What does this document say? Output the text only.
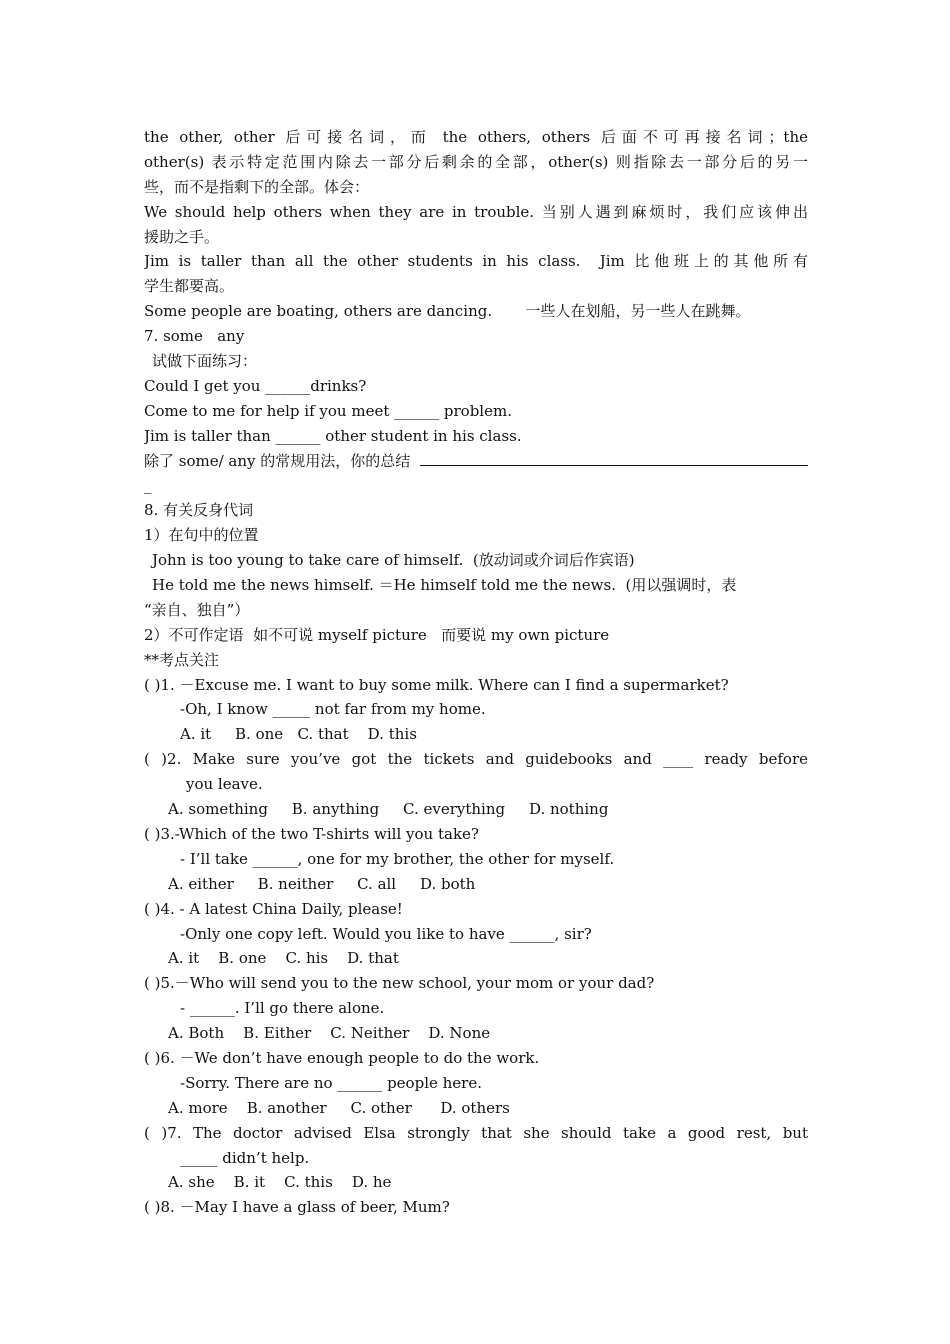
the other, other 后可接名词，而 the others, others 后面不可再接名词；the
other(s) 表示特定范围内除去一部分后剩余的全部，other(s) 则指除去一部分后的另一
些，而不是指剩下的全部。体会：
We should help others when they are in trouble. 当别人遇到麻烦时，我们应该伸出
援助之手。
Jim is taller than all the other students in his class.  Jim 比他班上的其他所有
学生都要高。
Some people are boating, others are dancing.       一些人在划船，另一些人在跳舞。
7. some   any
试做下面练习：
Could I get you ______drinks?
Come to me for help if you meet ______ problem.
Jim is taller than ______ other student in his class.
除了 some/ any 的常规用法，你的总结
_
8. 有关反身代词
1）在句中的位置
John is too young to take care of himself.  (放动词或介词后作宾语)
He told me the news himself. ＝He himself told me the news.  (用以强调时，表
“亲自、独自”）
2）不可作定语  如不可说 myself picture   而要说 my own picture
**考点关注
( )1. －Excuse me. I want to buy some milk. Where can I find a supermarket?
-Oh, I know _____ not far from my home.
A. it     B. one   C. that    D. this
( )2. Make sure you’ve got the tickets and guidebooks and ____ ready before
you leave.
A. something     B. anything     C. everything     D. nothing
( )3.-Which of the two T-shirts will you take?
- I’ll take ______, one for my brother, the other for myself.
A. either     B. neither     C. all     D. both
( )4. - A latest China Daily, please!
-Only one copy left. Would you like to have ______, sir?
A. it    B. one    C. his    D. that
( )5.－Who will send you to the new school, your mom or your dad?
- ______. I’ll go there alone.
A. Both    B. Either    C. Neither    D. None
( )6. －We don’t have enough people to do the work.
-Sorry. There are no ______ people here.
A. more    B. another     C. other      D. others
( )7. The doctor advised Elsa strongly that she should take a good rest, but
_____ didn’t help.
A. she    B. it    C. this    D. he
( )8. －May I have a glass of beer, Mum?
